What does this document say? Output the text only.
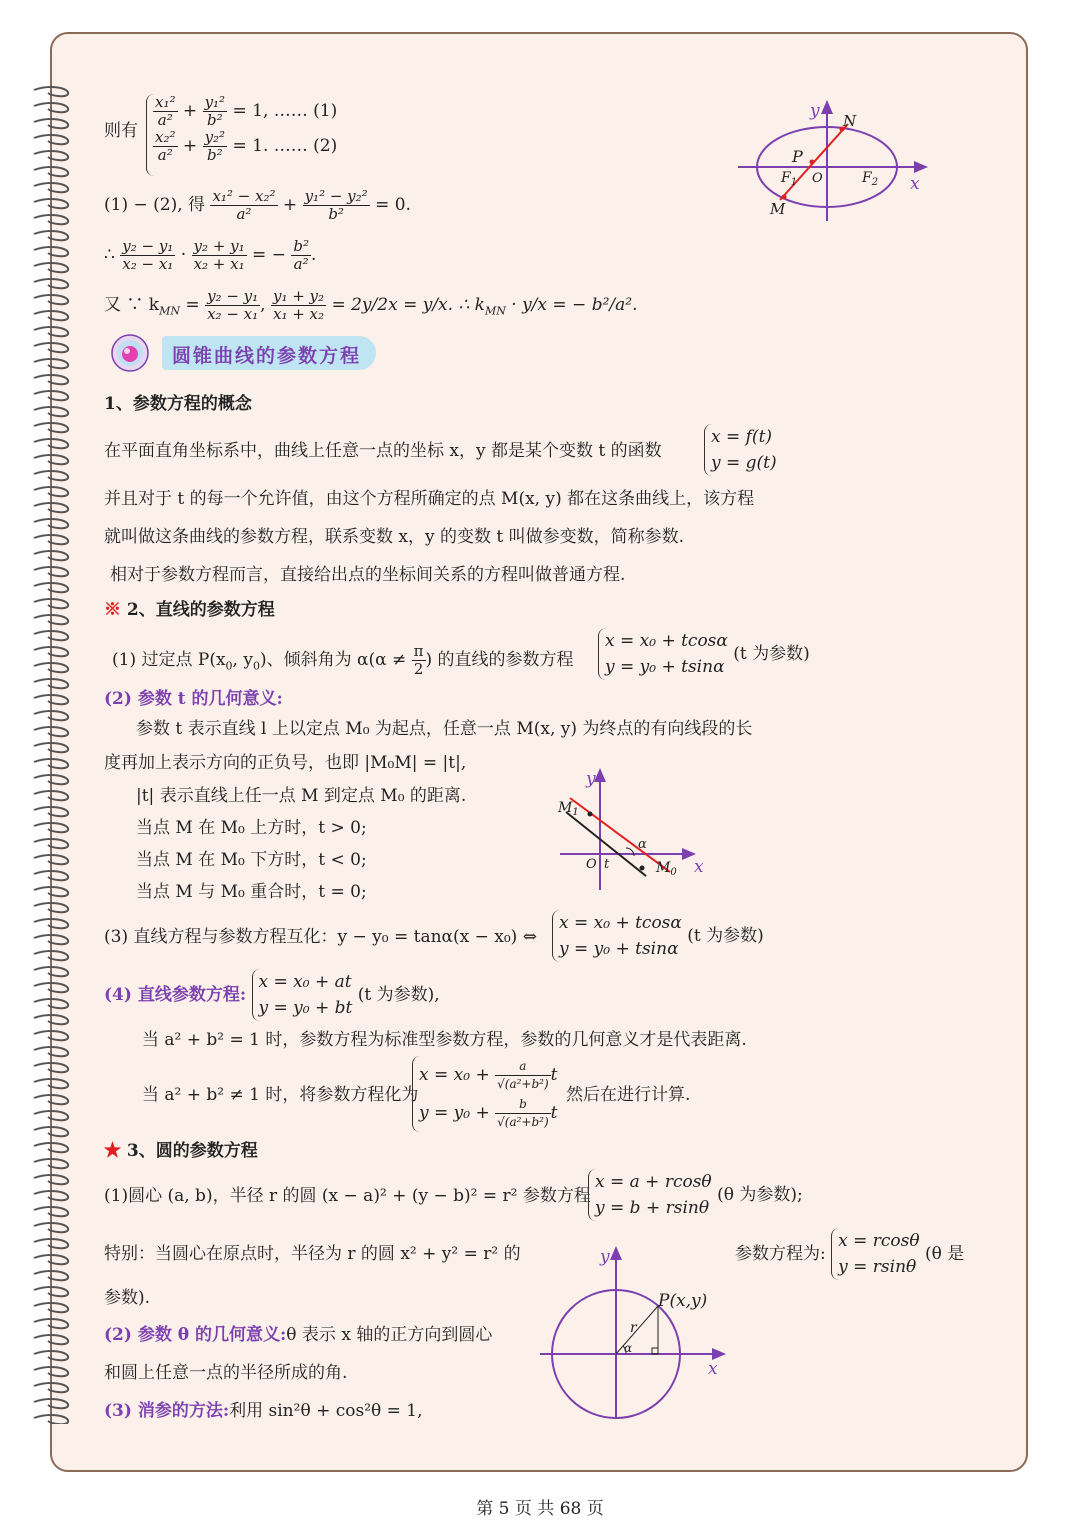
则有
$\frac{\text{x₁²}}{\text{a²}} + \frac{\text{y₁²}}{\text{b²}} = 1$, …… (1)
$\frac{\text{x₂²}}{\text{a²}} + \frac{\text{y₂²}}{\text{b²}} = 1$. …… (2)
(1) − (2), 得 $\frac{\text{x₁² − x₂²}}{\text{a²}} + \frac{\text{y₁² − y₂²}}{\text{b²}} = 0$.
∴ $\frac{\text{y₂ − y₁}}{\text{x₂ − x₁}} \cdot \frac{\text{y₂ + y₁}}{\text{x₂ + x₁}}$ = − $\frac{\text{b²}}{\text{a²}}$ .
又 ∵ $k_{MN} = \frac{\text{y₂ − y₁}}{\text{x₂ − x₁}}$ , $\frac{\text{y₁ + y₂}}{\text{x₁ + x₂}} = 2y/2x = y/x$. ∴ $k_{MN} \cdot y/x$ = − b²/a².
y
x
N
P
M
$F_1$	$F_2$
O
圆锥曲线的参数方程
1、参数方程的概念
在平面直角坐标系中，曲线上任意一点的坐标 x，y 都是某个变数 t 的函数
x = f(t)
y = g(t)
并且对于 t 的每一个允许值，由这个方程所确定的点 M(x, y) 都在这条曲线上，该方程
就叫做这条曲线的参数方程，联系变数 x，y 的变数 t 叫做参变数，简称参数.
相对于参数方程而言，直接给出点的坐标间关系的方程叫做普通方程.
※ 2、直线的参数方程
(1) 过定点 $P(x_0$, $y_0$)、倾斜角为 $\alpha(\alpha \ne \frac{\pi}{2}$ ) 的直线的参数方程
x = x₀ + tcosα
y = y₀ + tsinα
(t 为参数)
(2) 参数 t 的几何意义:
参数 t 表示直线 l 上以定点 M₀ 为起点，任意一点 M(x, y) 为终点的有向线段的长
度再加上表示方向的正负号，也即 |M₀M| = |t|,
|t| 表示直线上任一点 M 到定点 M₀ 的距离.
当点 M 在 M₀ 上方时，t > 0;
当点 M 在 M₀ 下方时，t < 0;
当点 M 与 M₀ 重合时，t = 0;
y
x
$M_1$
$M_0$
O t
α
(3) 直线方程与参数方程互化：y − y₀ = tanα(x − x₀) ⇔
x = x₀ + tcosα
y = y₀ + tsinα
(t 为参数)
(4) 直线参数方程:
x = x₀ + at
y = y₀ + bt
(t 为参数),
当 a² + b² = 1 时，参数方程为标准型参数方程，参数的几何意义才是代表距离.
当 a² + b² ≠ 1 时，将参数方程化为
$x = x_0 + \frac{a}{\text{√(a²+b²)}}$ t
$y = y_0 + \frac{b}{\text{√(a²+b²)}}$ t
然后在进行计算.
★ 3、圆的参数方程
(1)圆心 (a, b)，半径 r 的圆 (x − a)² + (y − b)² = r² 参数方程
x = a + rcosθ
y = b + rsinθ
(θ 为参数);
特别：当圆心在原点时，半径为 r 的圆 x² + y² = r² 的	参数方程为:
x = rcosθ
y = rsinθ
(θ 是
参数).
(2) 参数 θ 的几何意义:θ 表示 x 轴的正方向到圆心
和圆上任意一点的半径所成的角.
(3) 消参的方法:利用 sin²θ + cos²θ = 1,
y
x
P(x,y)
r
α
第 5 页 共 68 页
